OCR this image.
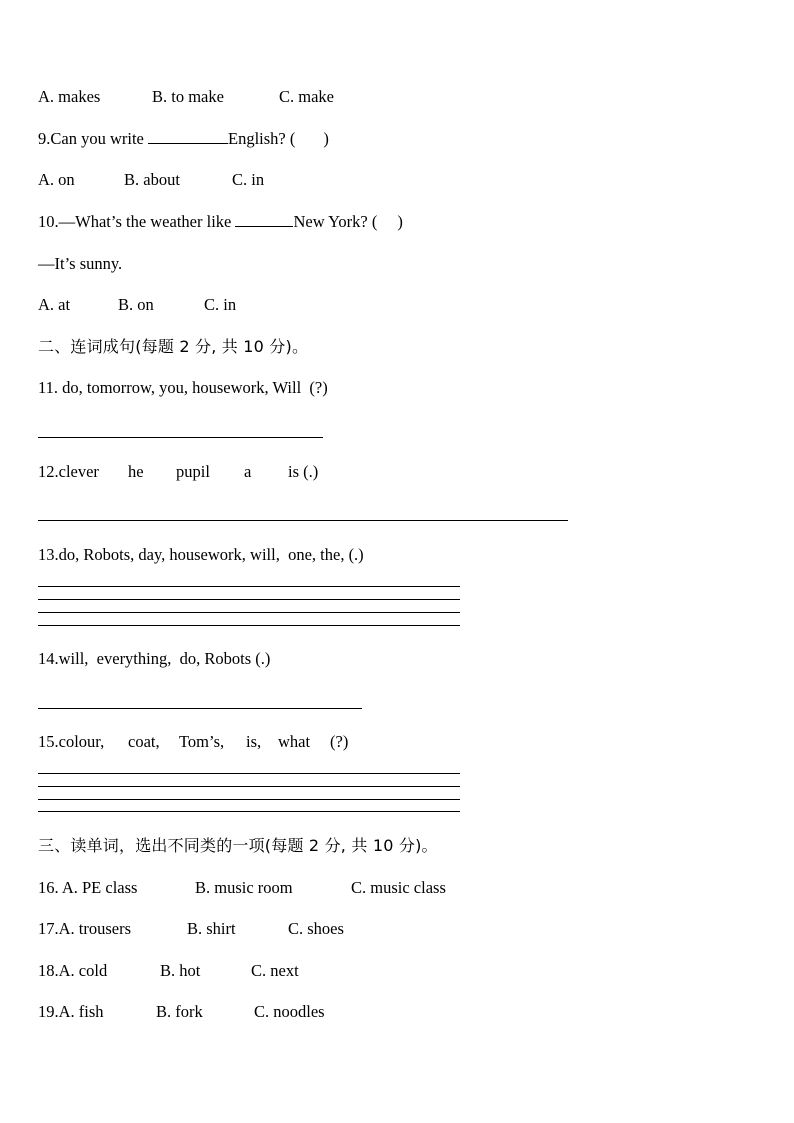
A. makes

	B. to make

	C. make

9.Can you write	English? ( )

A. on

	B. about

	C. in

10.—What’s the weather like	New York? ( )
—It’s sunny.

A. at

	B. on

	C. in

二、连词成句(每题 2 分, 共 10 分)。
11. do, tomorrow, you, housework, Will  (?)

12.clever

he

pupil

a

is (.)

13.do, Robots, day, housework, will,  one, the, (.)
14.will,  everything,  do, Robots (.)

15.colour,

coat,

Tom’s,

is,

what

(?)

三、读单词，选出不同类的一项(每题 2 分, 共 10 分)。

16. A. PE class

	B. music room

	C. music class

17.A. trousers

	B. shirt

	C. shoes

18.A. cold

	B. hot

	C. next

19.A. fish

	B. fork

	C. noodles
